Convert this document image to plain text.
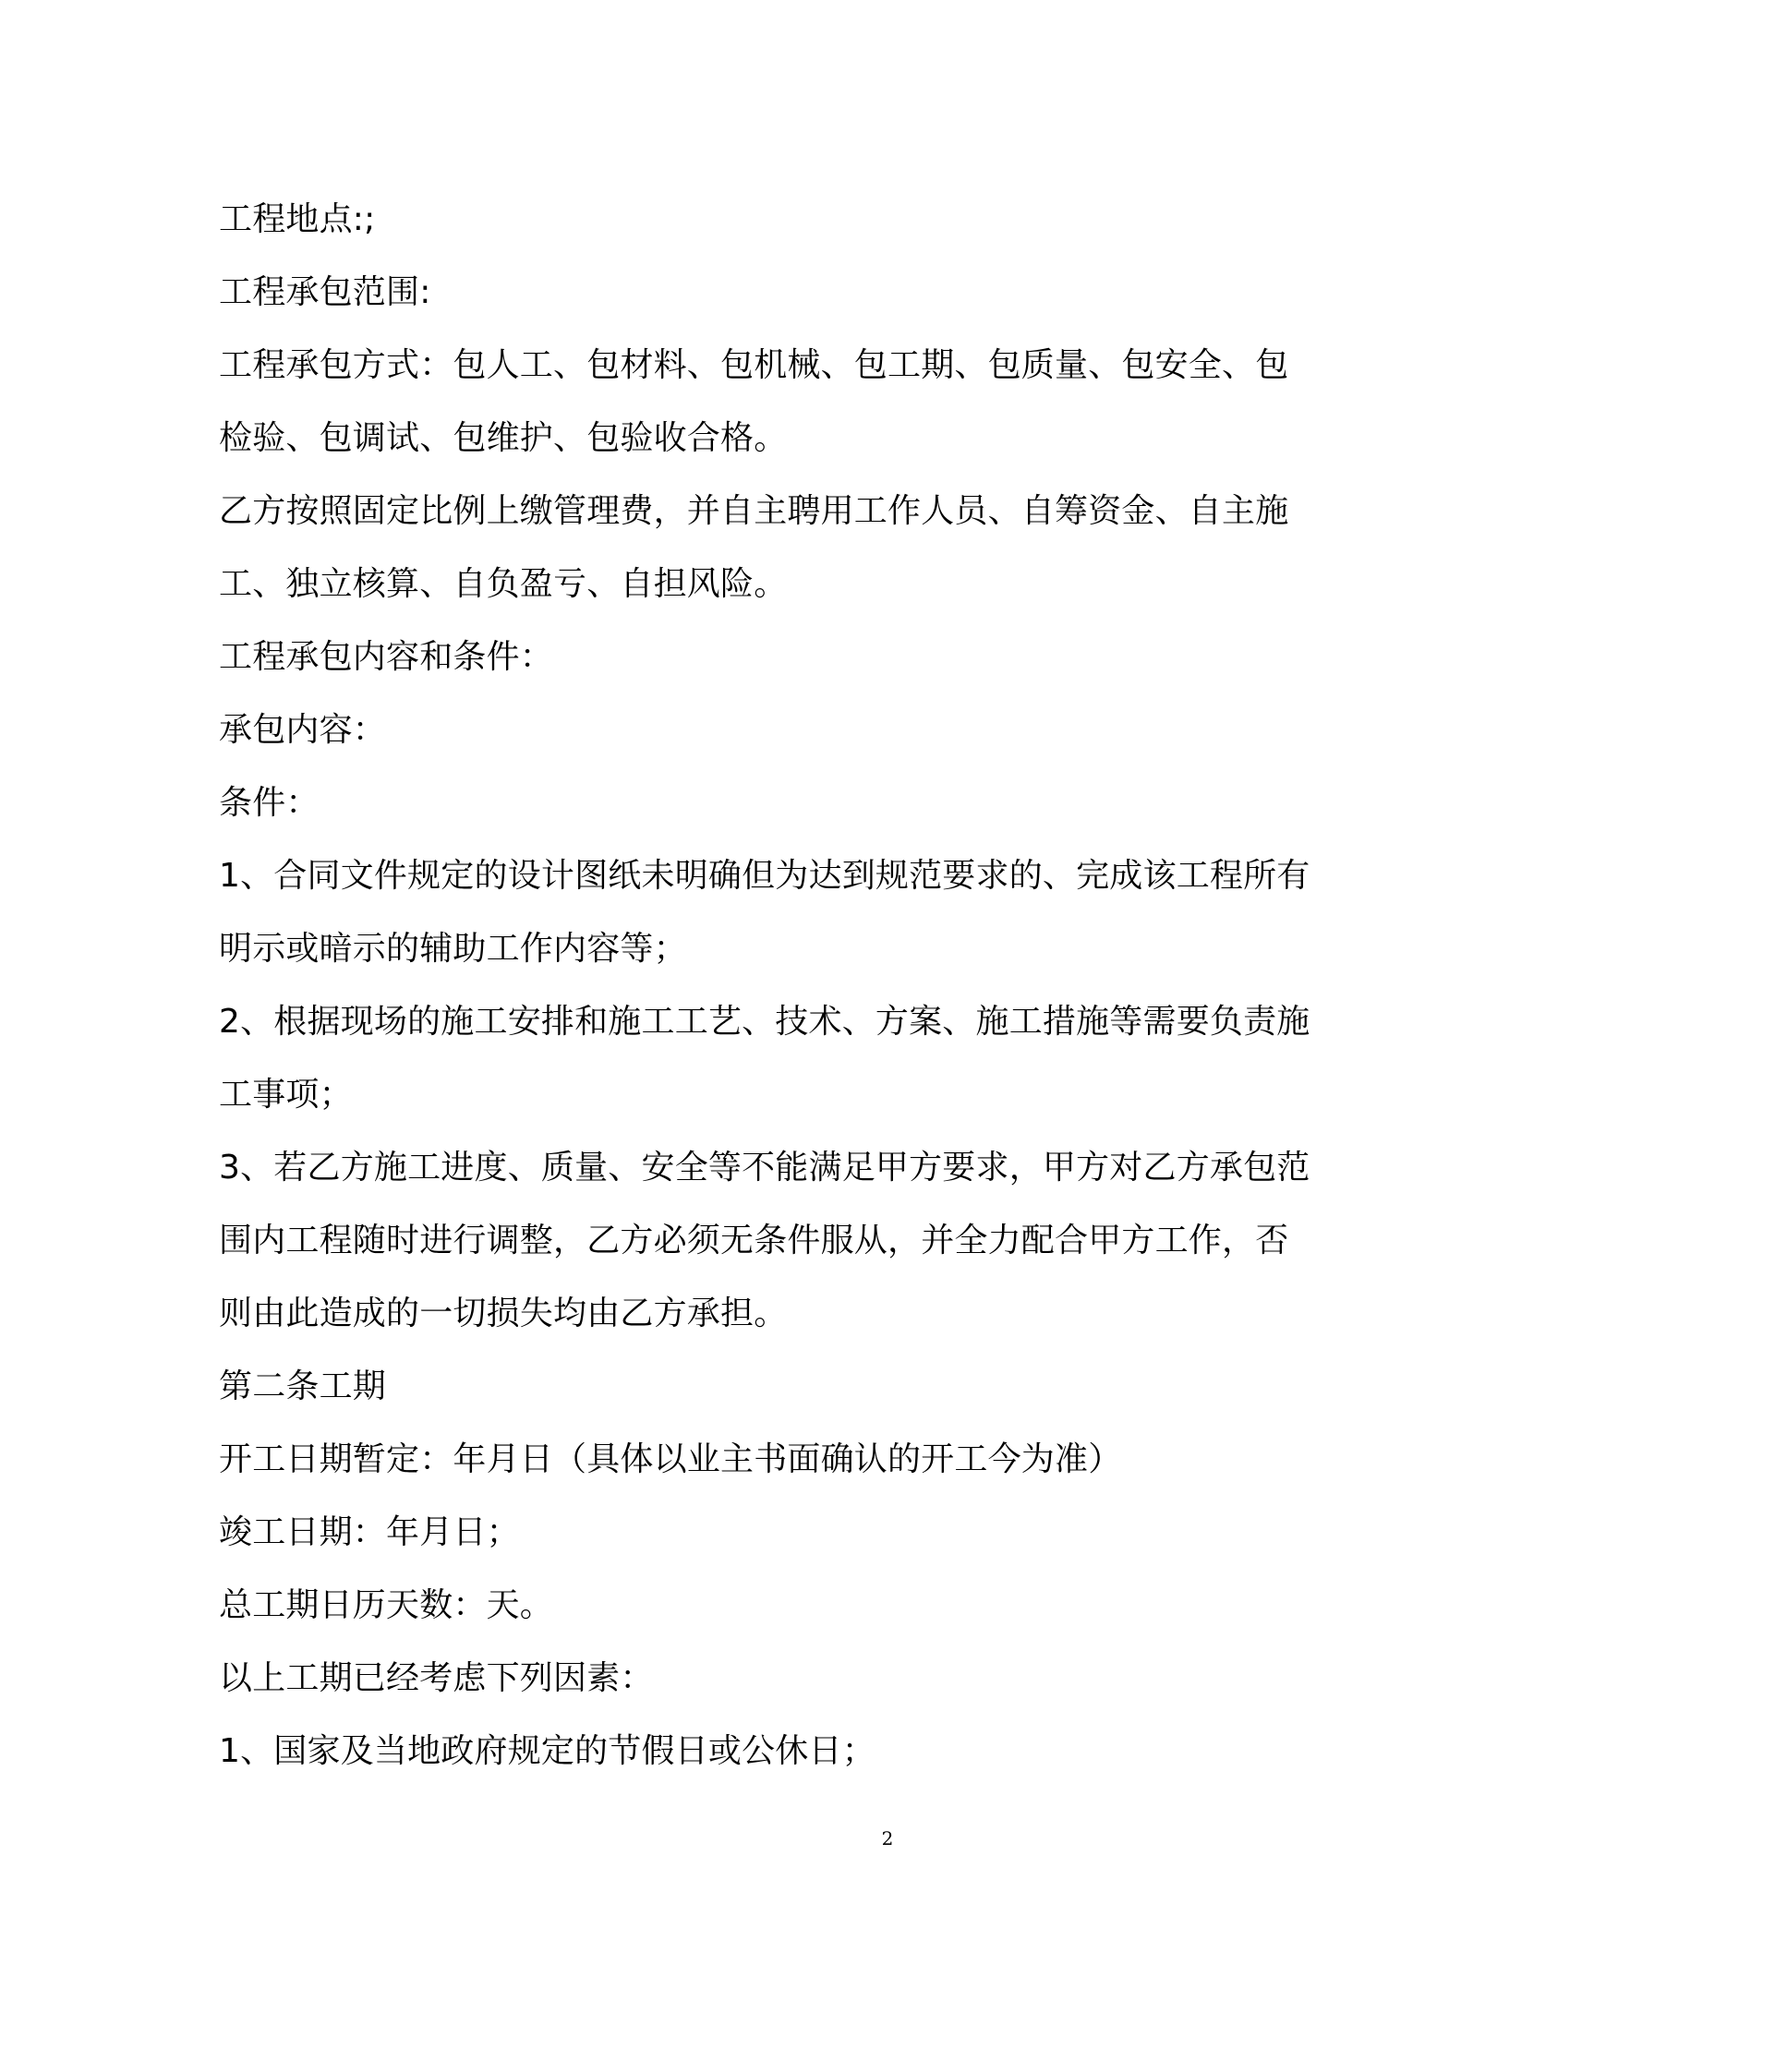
工程地点:;
工程承包范围:
工程承包方式：包人工、包材料、包机械、包工期、包质量、包安全、包
检验、包调试、包维护、包验收合格。
乙方按照固定比例上缴管理费，并自主聘用工作人员、自筹资金、自主施
工、独立核算、自负盈亏、自担风险。
工程承包内容和条件：
承包内容：
条件：
1、合同文件规定的设计图纸未明确但为达到规范要求的、完成该工程所有
明示或暗示的辅助工作内容等；
2、根据现场的施工安排和施工工艺、技术、方案、施工措施等需要负责施
工事项；
3、若乙方施工进度、质量、安全等不能满足甲方要求，甲方对乙方承包范
围内工程随时进行调整，乙方必须无条件服从，并全力配合甲方工作，否
则由此造成的一切损失均由乙方承担。
第二条工期
开工日期暂定：年月日（具体以业主书面确认的开工今为准）
竣工日期：年月日；
总工期日历天数：天。
以上工期已经考虑下列因素：
1、国家及当地政府规定的节假日或公休日；
2
